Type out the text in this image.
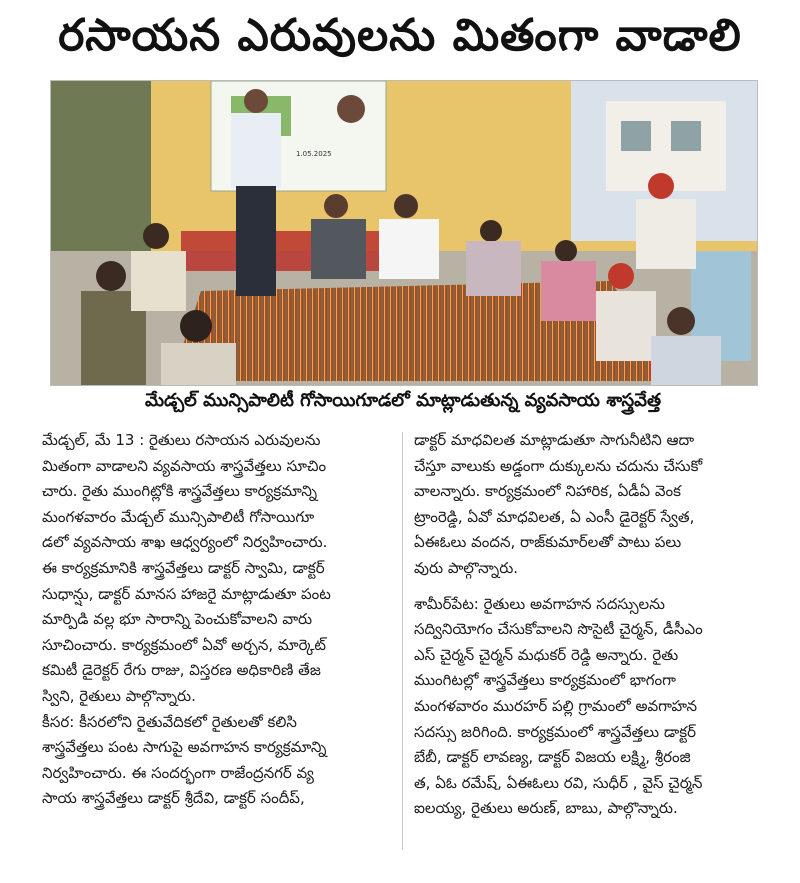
రసాయన ఎరువులను మితంగా వాడాలి
1.05.2025
మేడ్చల్ మున్సిపాలిటీ గోసాయిగూడలో మాట్లాడుతున్న వ్యవసాయ శాస్త్రవేత్త

మేడ్చల్, మే 13 : రైతులు రసాయన ఎరువులను

మితంగా వాడాలని వ్యవసాయ శాస్త్రవేత్తలు సూచిం

చారు. రైతు ముంగిట్లోకి శాస్త్రవేత్తలు కార్యక్రమాన్ని

మంగళవారం మేడ్చల్ మున్సిపాలిటీ గోసాయిగూ

డలో వ్యవసాయ శాఖ ఆధ్వర్యంలో నిర్వహించారు.

ఈ కార్యక్రమానికి శాస్త్రవేత్తలు డాక్టర్ స్వామి, డాక్టర్

సుధాన్షు, డాక్టర్ మానస హాజరై మాట్లాడుతూ పంట

మార్పిడి వల్ల భూ సారాన్ని పెంచుకోవాలని వారు

సూచించారు. కార్యక్రమంలో ఏవో అర్చన, మార్కెట్

కమిటీ డైరెక్టర్ రేగు రాజు, విస్తరణ అధికారిణి తేజ

స్విని, రైతులు పాల్గొన్నారు.

కీసర: కీసరలోని రైతువేదికలో రైతులతో కలిసి

శాస్త్రవేత్తలు పంట సాగుపై అవగాహన కార్యక్రమాన్ని

నిర్వహించారు. ఈ సందర్భంగా రాజేంద్రనగర్ వ్య

సాయ శాస్త్రవేత్తలు డాక్టర్ శ్రీదేవి, డాక్టర్ సందీప్,

డాక్టర్ మాధవిలత మాట్లాడుతూ సాగునీటిని ఆదా

చేస్తూ వాలుకు అడ్డంగా దుక్కులను చదును చేసుకో

వాలన్నారు. కార్యక్రమంలో నిహారిక, ఏడీఏ వెంక

ట్రాంరెడ్డి, ఏవో మాధవిలత, ఏ ఎంసీ డైరెక్టర్ స్వేత,

ఏఈఓలు వందన, రాజ్‌కుమార్‌లతో పాటు పలు

వురు పాల్గొన్నారు.

శామీర్‌పేట: రైతులు అవగాహన సదస్సులను

సద్వినియోగం చేసుకోవాలని సొసైటీ చైర్మన్, డీసీఎం

ఎస్ చైర్మన్ చైర్మన్ మధుకర్ రెడ్డి అన్నారు. రైతు

ముంగిటల్లో శాస్త్రవేత్తలు కార్యక్రమంలో భాగంగా

మంగళవారం మురహర్ పల్లి గ్రామంలో అవగాహన

సదస్సు జరిగింది. కార్యక్రమంలో శాస్త్రవేత్తలు డాక్టర్

బేబీ, డాక్టర్ లావణ్య, డాక్టర్ విజయ లక్ష్మి, శ్రీరంజి

త, ఏఓ రమేష్, ఏఈఓలు రవి, సుధీర్ , వైస్ చైర్మన్

ఐలయ్య, రైతులు అరుణ్, బాబు, పాల్గొన్నారు.
